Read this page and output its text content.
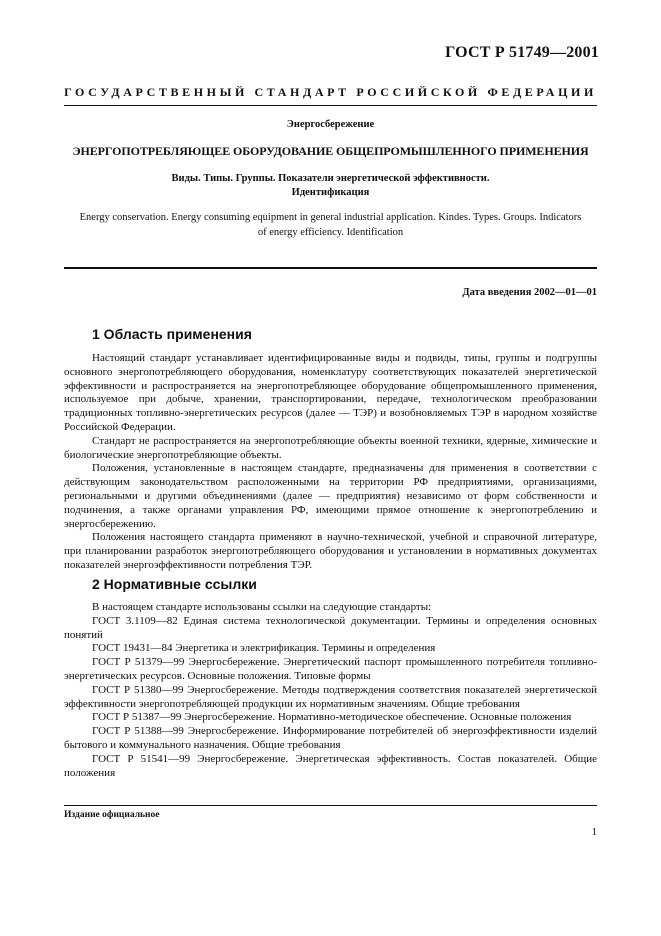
ГОСТ Р 51749—2001
ГОСУДАРСТВЕННЫЙ СТАНДАРТ РОССИЙСКОЙ ФЕДЕРАЦИИ
Энергосбережение
ЭНЕРГОПОТРЕБЛЯЮЩЕЕ ОБОРУДОВАНИЕ ОБЩЕПРОМЫШЛЕННОГО ПРИМЕНЕНИЯ
Виды. Типы. Группы. Показатели энергетической эффективности.
Идентификация
Energy conservation. Energy consuming equipment in general industrial application. Kindes. Types. Groups. Indicators of energy efficiency. Identification
Дата введения 2002—01—01
1 Область применения

Настоящий стандарт устанавливает идентифицированные виды и подвиды, типы, группы и подгруппы основного энергопотребляющего оборудования, номенклатуру соответствующих показателей энергетической эффективности и распространяется на энергопотребляющее оборудование общепромышленного применения, используемое при добыче, хранении, транспортировании, передаче, технологическом преобразовании традиционных топливно-энергетических ресурсов (далее — ТЭР) и возобновляемых ТЭР в народном хозяйстве Российской Федерации.

Стандарт не распространяется на энергопотребляющие объекты военной техники, ядерные, химические и биологические энергопотребляющие объекты.

Положения, установленные в настоящем стандарте, предназначены для применения в соответствии с действующим законодательством расположенными на территории РФ предприятиями, организациями, региональными и другими объединениями (далее — предприятия) независимо от форм собственности и подчинения, а также органами управления РФ, имеющими прямое отношение к энергопотреблению и энергосбережению.

Положения настоящего стандарта применяют в научно-технической, учебной и справочной литературе, при планировании разработок энергопотребляющего оборудования и установлении в нормативных документах показателей энергоэффективности потребления ТЭР.

2 Нормативные ссылки

В настоящем стандарте использованы ссылки на следующие стандарты:

ГОСТ 3.1109—82 Единая система технологической документации. Термины и определения основных понятий

ГОСТ 19431—84 Энергетика и электрификация. Термины и определения

ГОСТ Р 51379—99 Энергосбережение. Энергетический паспорт промышленного потребителя топливно-энергетических ресурсов. Основные положения. Типовые формы

ГОСТ Р 51380—99 Энергосбережение. Методы подтверждения соответствия показателей энергетической эффективности энергопотребляющей продукции их нормативным значениям. Общие требования

ГОСТ Р 51387—99 Энергосбережение. Нормативно-методическое обеспечение. Основные положения

ГОСТ Р 51388—99 Энергосбережение. Информирование потребителей об энергоэффективности изделий бытового и коммунального назначения. Общие требования

ГОСТ Р 51541—99 Энергосбережение. Энергетическая эффективность. Состав показателей. Общие положения

Издание официальное
1
